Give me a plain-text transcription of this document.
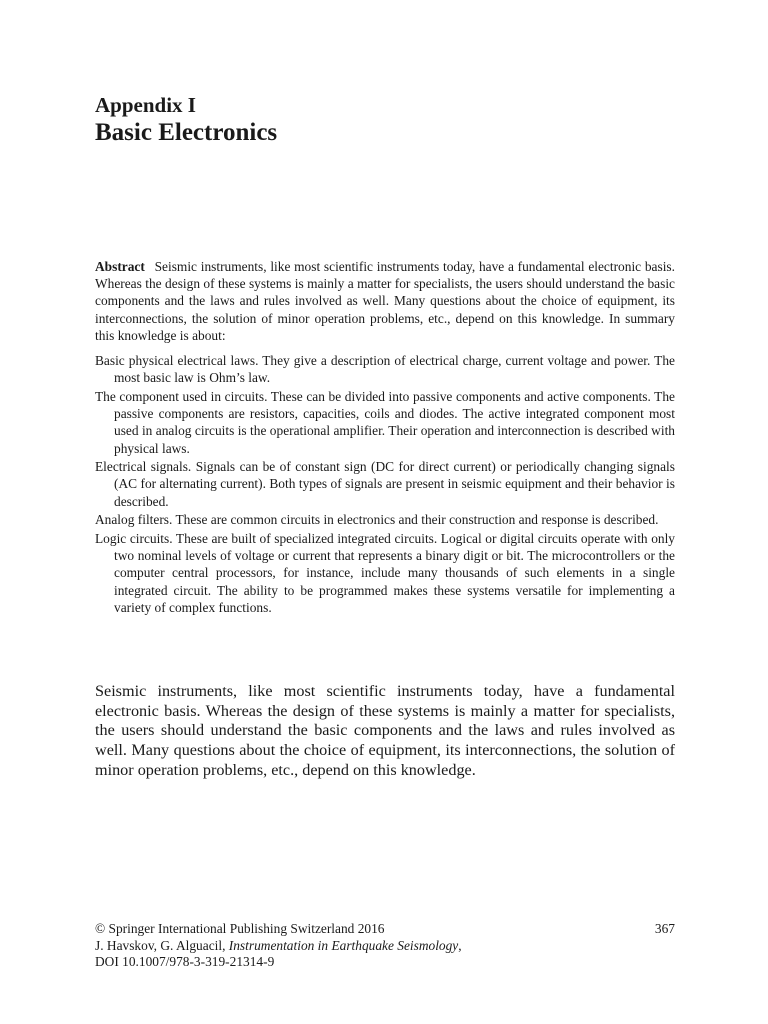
Appendix I

Basic Electronics

Abstract Seismic instruments, like most scientific instruments today, have a fundamental electronic basis. Whereas the design of these systems is mainly a matter for specialists, the users should understand the basic components and the laws and rules involved as well. Many questions about the choice of equipment, its interconnections, the solution of minor operation problems, etc., depend on this knowledge. In summary this knowledge is about:

Basic physical electrical laws. They give a description of electrical charge, current voltage and power. The most basic law is Ohm’s law.
The component used in circuits. These can be divided into passive components and active components. The passive components are resistors, capacities, coils and diodes. The active integrated component most used in analog circuits is the operational amplifier. Their operation and interconnection is described with physical laws.
Electrical signals. Signals can be of constant sign (DC for direct current) or periodically changing signals (AC for alternating current). Both types of signals are present in seismic equipment and their behavior is described.
Analog filters. These are common circuits in electronics and their construction and response is described.
Logic circuits. These are built of specialized integrated circuits. Logical or digital circuits operate with only two nominal levels of voltage or current that represents a binary digit or bit. The microcontrollers or the computer central processors, for instance, include many thousands of such elements in a single integrated circuit. The ability to be programmed makes these systems versatile for implementing a variety of complex functions.

Seismic instruments, like most scientific instruments today, have a fundamental electronic basis. Whereas the design of these systems is mainly a matter for specialists, the users should understand the basic components and the laws and rules involved as well. Many questions about the choice of equipment, its interconnections, the solution of minor operation problems, etc., depend on this knowledge.

© Springer International Publishing Switzerland 2016	367

J. Havskov, G. Alguacil, Instrumentation in Earthquake Seismology,

DOI 10.1007/978-3-319-21314-9
